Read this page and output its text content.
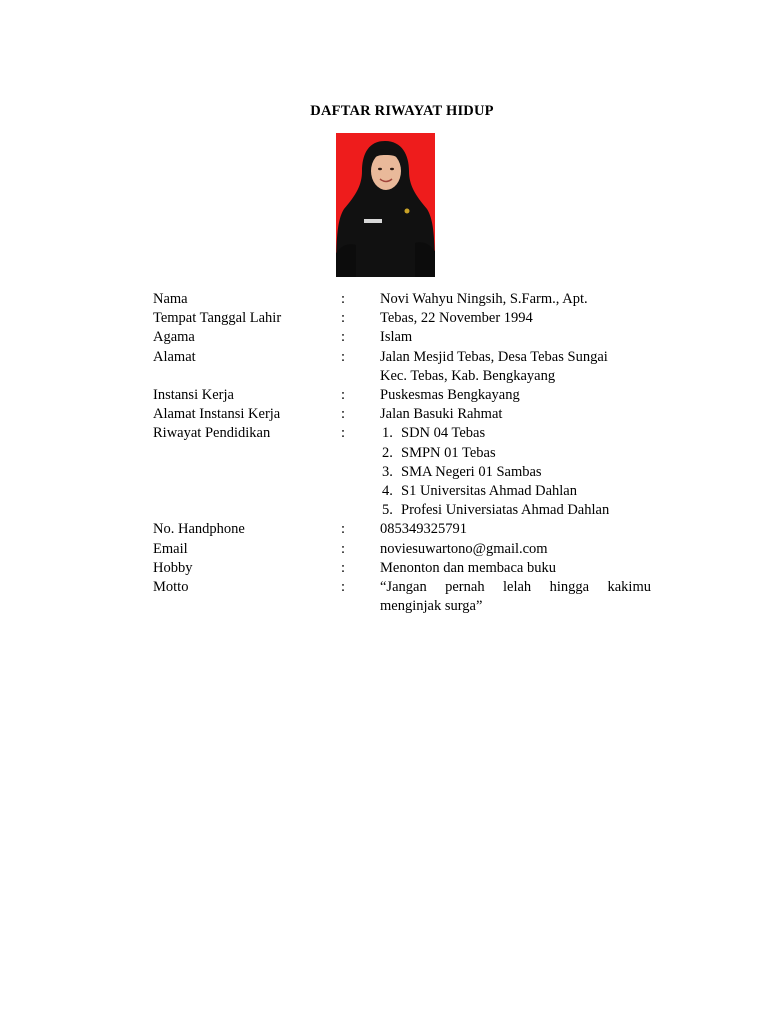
DAFTAR RIWAYAT HIDUP
Nama	: Novi Wahyu Ningsih, S.Farm., Apt.
Tempat Tanggal Lahir	: Tebas, 22 November 1994
Agama	: Islam
Alamat	: Jalan Mesjid Tebas, Desa Tebas Sungai
Kec. Tebas, Kab. Bengkayang
Instansi Kerja	: Puskesmas Bengkayang
Alamat Instansi Kerja	: Jalan Basuki Rahmat
Riwayat Pendidikan	:	1. SDN 04 Tebas
2. SMPN 01 Tebas
3. SMA Negeri 01 Sambas
4. S1 Universitas Ahmad Dahlan
5. Profesi Universiatas Ahmad Dahlan
No. Handphone	: 085349325791
Email	: noviesuwartono@gmail.com
Hobby	: Menonton dan membaca buku
Motto	: “Jangan pernah lelah hingga kakimu
menginjak surga”
